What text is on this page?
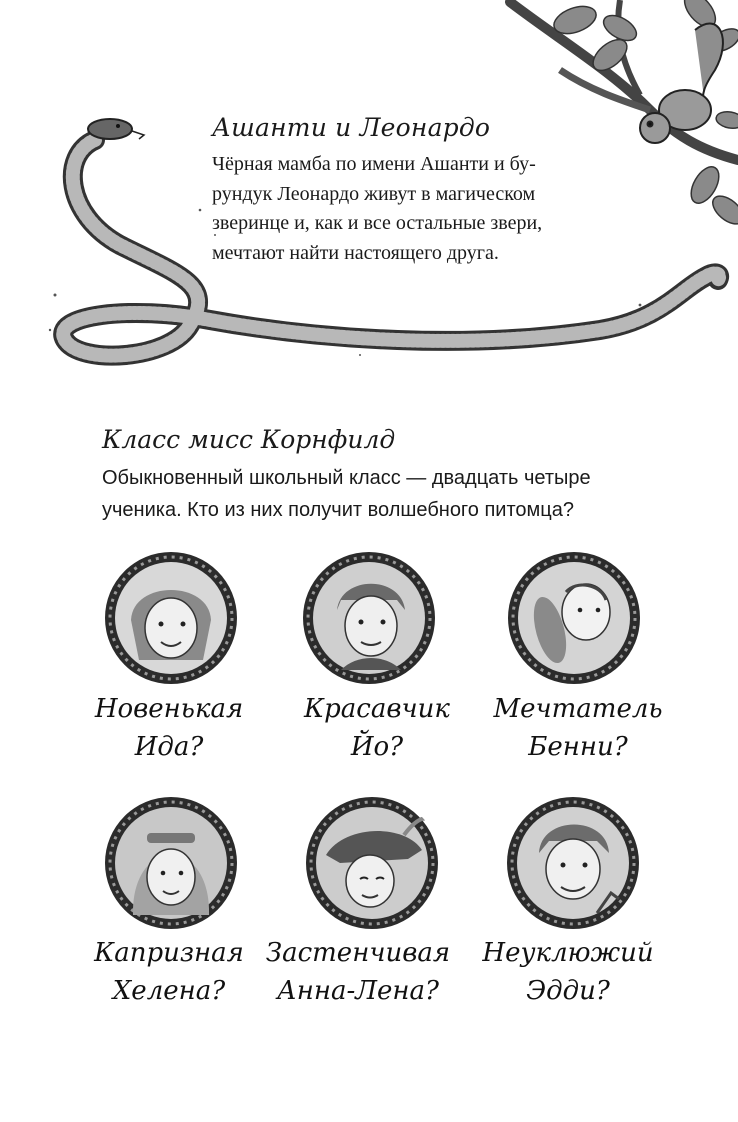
Ашанти и Леонардо
Чёрная мамба по имени Ашанти и бу-
рундук Леонардо живут в магическом
зверинце и, как и все остальные звери,
мечтают найти настоящего друга.
Класс мисс Корнфилд
Обыкновенный школьный класс — двадцать четыре
ученика. Кто из них получит волшебного питомца?
Новенькая
Ида?
Красавчик
Йо?
Мечтатель
Бенни?
Капризная
Хелена?
Застенчивая
Анна-Лена?
Неуклюжий
Эдди?
